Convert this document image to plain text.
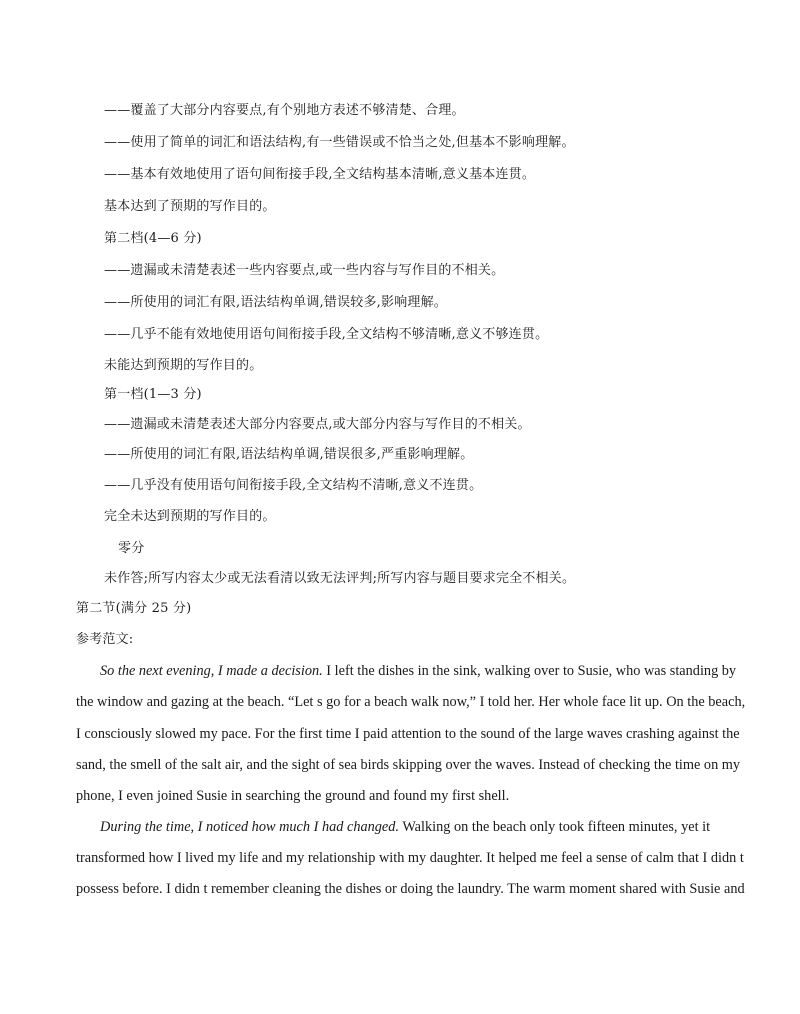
——覆盖了大部分内容要点,有个别地方表述不够清楚、合理。
——使用了简单的词汇和语法结构,有一些错误或不恰当之处,但基本不影响理解。
——基本有效地使用了语句间衔接手段,全文结构基本清晰,意义基本连贯。
基本达到了预期的写作目的。
第二档(4—6 分)
——遗漏或未清楚表述一些内容要点,或一些内容与写作目的不相关。
——所使用的词汇有限,语法结构单调,错误较多,影响理解。
——几乎不能有效地使用语句间衔接手段,全文结构不够清晰,意义不够连贯。
未能达到预期的写作目的。
第一档(1—3 分)
——遗漏或未清楚表述大部分内容要点,或大部分内容与写作目的不相关。
——所使用的词汇有限,语法结构单调,错误很多,严重影响理解。
——几乎没有使用语句间衔接手段,全文结构不清晰,意义不连贯。
完全未达到预期的写作目的。
零分
未作答;所写内容太少或无法看清以致无法评判;所写内容与题目要求完全不相关。
第二节(满分 25 分)
参考范文:
So the next evening, I made a decision. I left the dishes in the sink, walking over to Susie, who was standing by
the window and gazing at the beach. “Let s go for a beach walk now,” I told her. Her whole face lit up. On the beach,
I consciously slowed my pace. For the first time I paid attention to the sound of the large waves crashing against the
sand, the smell of the salt air, and the sight of sea birds skipping over the waves. Instead of checking the time on my
phone, I even joined Susie in searching the ground and found my first shell.
During the time, I noticed how much I had changed. Walking on the beach only took fifteen minutes, yet it
transformed how I lived my life and my relationship with my daughter. It helped me feel a sense of calm that I didn t
possess before. I didn t remember cleaning the dishes or doing the laundry. The warm moment shared with Susie and
